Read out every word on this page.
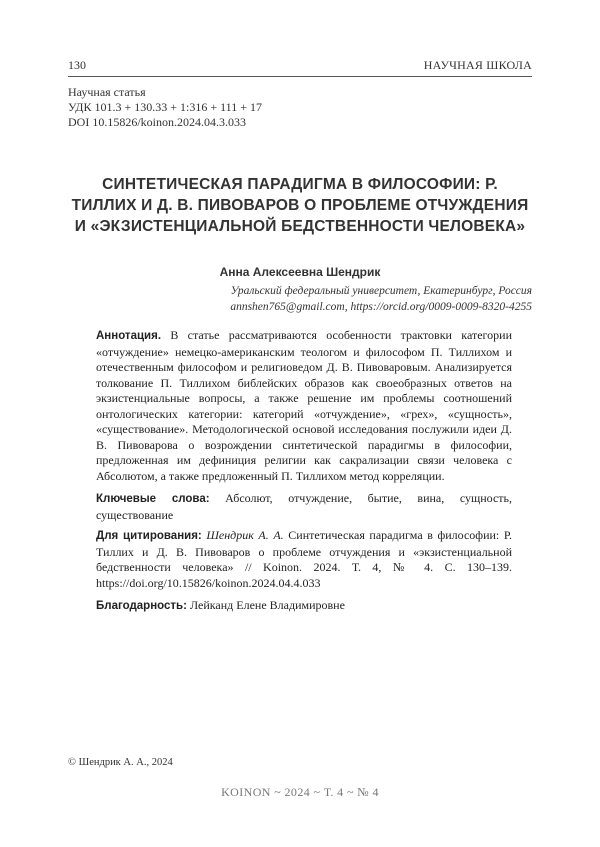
130	НАУЧНАЯ ШКОЛА
Научная статья
УДК 101.3 + 130.33 + 1:316 + 111 + 17
DOI 10.15826/koinon.2024.04.3.033
СИНТЕТИЧЕСКАЯ ПАРАДИГМА В ФИЛОСОФИИ: Р. ТИЛЛИХ И Д. В. ПИВОВАРОВ О ПРОБЛЕМЕ ОТЧУЖДЕНИЯ И «ЭКЗИСТЕНЦИАЛЬНОЙ БЕДСТВЕННОСТИ ЧЕЛОВЕКА»
Анна Алексеевна Шендрик
Уральский федеральный университет, Екатеринбург, Россия
annshen765@gmail.com, https://orcid.org/0009-0009-8320-4255
Аннотация. В статье рассматриваются особенности трактовки категории «отчуждение» немецко-американским теологом и философом П. Тиллихом и отечественным философом и религиоведом Д. В. Пивоваровым. Анализируется толкование П. Тиллихом библейских образов как своеобразных ответов на экзистенциальные вопросы, а также решение им проблемы соотношений онтологических категории: категорий «отчуждение», «грех», «сущность», «существование». Методологической основой исследования послужили идеи Д. В. Пивоварова о возрождении синтетической парадигмы в философии, предложенная им дефиниция религии как сакрализации связи человека с Абсолютом, а также предложенный П. Тиллихом метод корреляции.
Ключевые слова: Абсолют, отчуждение, бытие, вина, сущность, существование
Для цитирования: Шендрик А. А. Синтетическая парадигма в философии: Р. Тиллих и Д. В. Пивоваров о проблеме отчуждения и «экзистенциальной бедственности человека» // Koinon. 2024. Т. 4, № 4. С. 130–139. https://doi.org/10.15826/koinon.2024.04.4.033
Благодарность: Лейканд Елене Владимировне
© Шендрик А. А., 2024
KOINON ~ 2024 ~ Т. 4 ~ № 4
